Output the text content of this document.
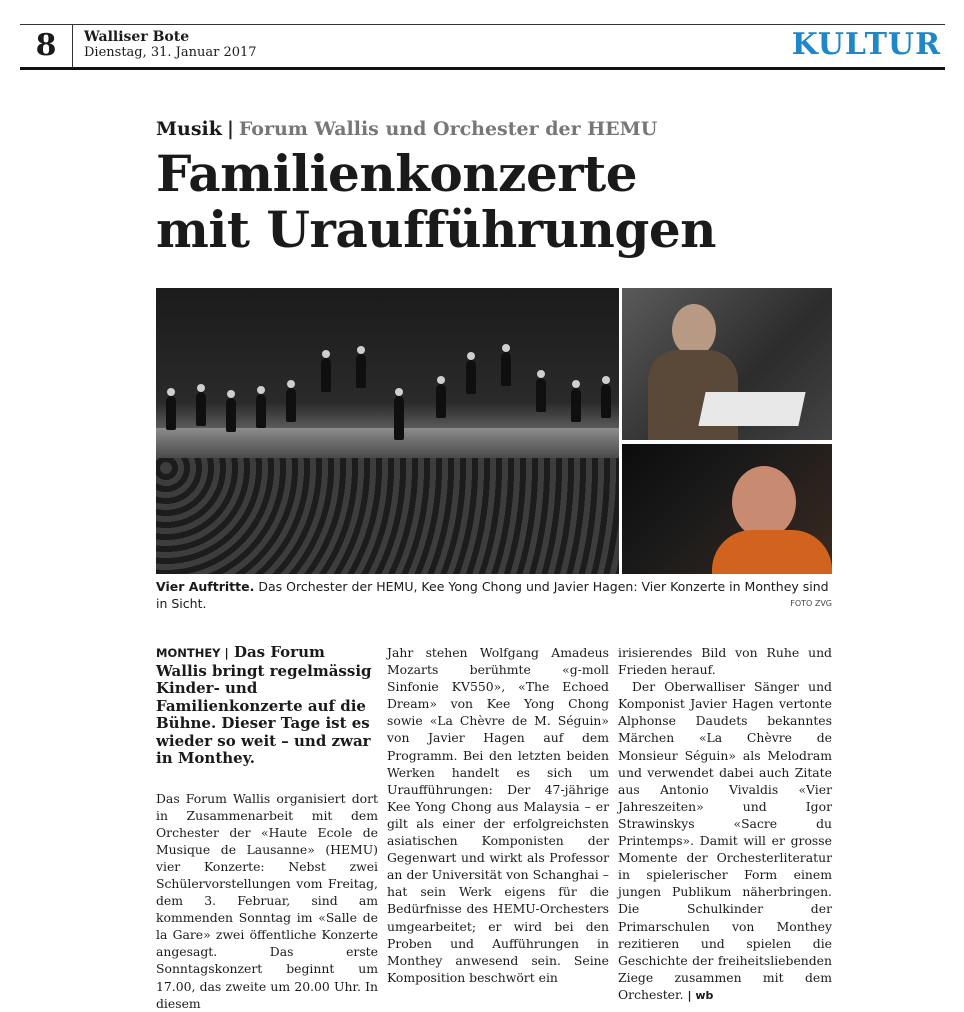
8	Walliser Bote
Dienstag, 31. Januar 2017	KULTUR
Musik | Forum Wallis und Orchester der HEMU
Familienkonzerte
mit Uraufführungen
Vier Auftritte. Das Orchester der HEMU, Kee Yong Chong und Javier Hagen: Vier Konzerte in Monthey sind in Sicht.	FOTO ZVG
MONTHEY | Das Forum Wallis bringt regelmässig Kinder- und Familienkonzerte auf die Bühne. Dieser Tage ist es wieder so weit – und zwar in Monthey.

Das Forum Wallis organisiert dort in Zusammenarbeit mit dem Orchester der «Haute Ecole de Musique de Lausanne» (HEMU) vier Konzerte: Nebst zwei Schülervorstellungen vom Freitag, dem 3. Februar, sind am kommenden Sonntag im «Salle de la Gare» zwei öffentliche Konzerte angesagt. Das erste Sonntagskonzert beginnt um 17.00, das zweite um 20.00 Uhr. In diesem

Jahr stehen Wolfgang Amadeus Mozarts berühmte «g-moll Sinfonie KV550», «The Echoed Dream» von Kee Yong Chong sowie «La Chèvre de M. Séguin» von Javier Hagen auf dem Programm. Bei den letzten beiden Werken handelt es sich um Uraufführungen: Der 47-jährige Kee Yong Chong aus Malaysia – er gilt als einer der erfolgreichsten asiatischen Komponisten der Gegenwart und wirkt als Professor an der Universität von Schanghai – hat sein Werk eigens für die Bedürfnisse des HEMU-Orchesters umgearbeitet; er wird bei den Proben und Aufführungen in Monthey anwesend sein. Seine Komposition beschwört ein

irisierendes Bild von Ruhe und Frieden herauf.

Der Oberwalliser Sänger und Komponist Javier Hagen vertonte Alphonse Daudets bekanntes Märchen «La Chèvre de Monsieur Séguin» als Melodram und verwendet dabei auch Zitate aus Antonio Vivaldis «Vier Jahreszeiten» und Igor Strawinskys «Sacre du Printemps». Damit will er grosse Momente der Orchesterliteratur in spielerischer Form einem jungen Publikum näherbringen. Die Schulkinder der Primarschulen von Monthey rezitieren und spielen die Geschichte der freiheitsliebenden Ziege zusammen mit dem Orchester. | wb
